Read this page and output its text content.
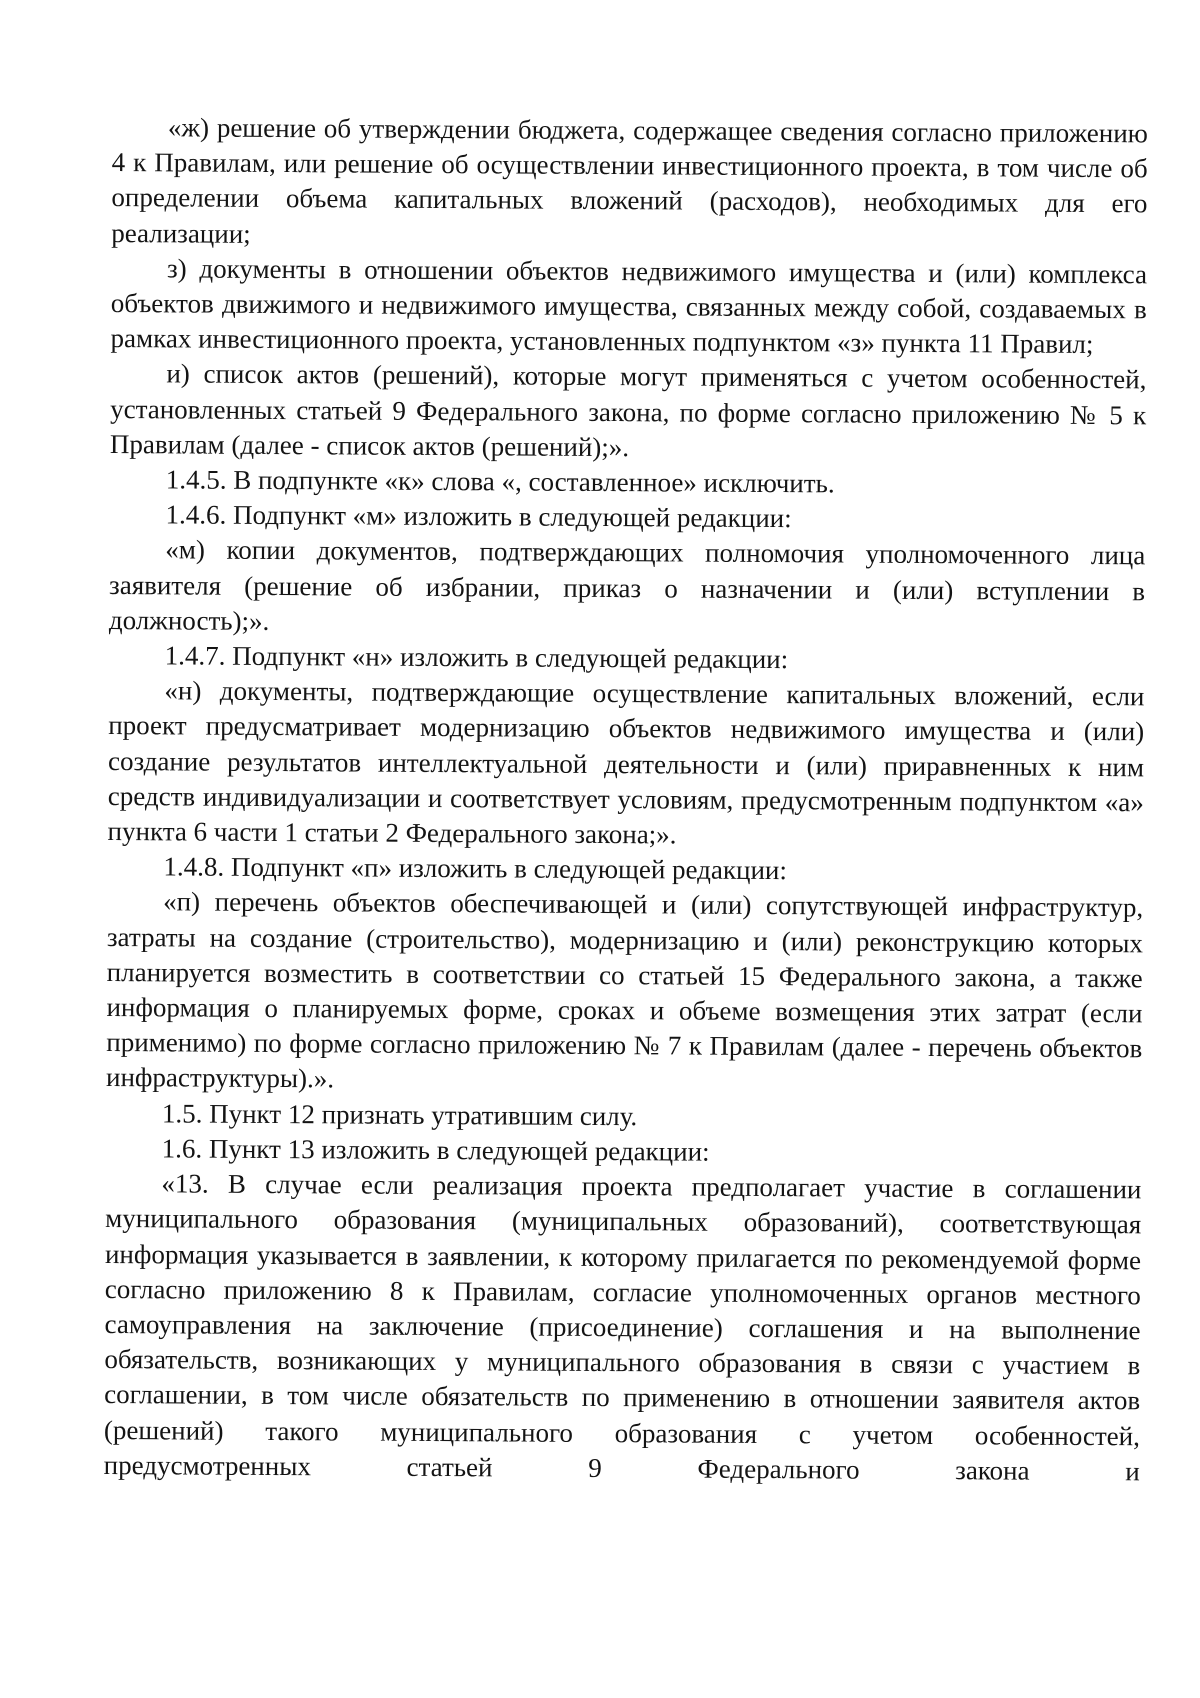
«ж) решение об утверждении бюджета, содержащее сведения согласно приложению 4 к Правилам, или решение об осуществлении инвестиционного проекта, в том числе об определении объема капитальных вложений (расходов), необходимых для его реализации;

з) документы в отношении объектов недвижимого имущества и (или) комплекса объектов движимого и недвижимого имущества, связанных между собой, создаваемых в рамках инвестиционного проекта, установленных подпунктом «з» пункта 11 Правил;

и) список актов (решений), которые могут применяться с учетом особенностей, установленных статьей 9 Федерального закона, по форме согласно приложению № 5 к Правилам (далее - список актов (решений);».

1.4.5. В подпункте «к» слова «, составленное» исключить.

1.4.6. Подпункт «м» изложить в следующей редакции:

«м) копии документов, подтверждающих полномочия уполномоченного лица заявителя (решение об избрании, приказ о назначении и (или) вступлении в должность);».

1.4.7. Подпункт «н» изложить в следующей редакции:

«н) документы, подтверждающие осуществление капитальных вложений, если проект предусматривает модернизацию объектов недвижимого имущества и (или) создание результатов интеллектуальной деятельности и (или) приравненных к ним средств индивидуализации и соответствует условиям, предусмотренным подпунктом «а» пункта 6 части 1 статьи 2 Федерального закона;».

1.4.8. Подпункт «п» изложить в следующей редакции:

«п) перечень объектов обеспечивающей и (или) сопутствующей инфраструктур, затраты на создание (строительство), модернизацию и (или) реконструкцию которых планируется возместить в соответствии со статьей 15 Федерального закона, а также информация о планируемых форме, сроках и объеме возмещения этих затрат (если применимо) по форме согласно приложению № 7 к Правилам (далее - перечень объектов инфраструктуры).».

1.5. Пункт 12 признать утратившим силу.

1.6. Пункт 13 изложить в следующей редакции:

«13. В случае если реализация проекта предполагает участие в соглашении муниципального образования (муниципальных образований), соответствующая информация указывается в заявлении, к которому прилагается по рекомендуемой форме согласно приложению 8 к Правилам, согласие уполномоченных органов местного самоуправления на заключение (присоединение) соглашения и на выполнение обязательств, возникающих у муниципального образования в связи с участием в соглашении, в том числе обязательств по применению в отношении заявителя актов (решений) такого муниципального образования с учетом особенностей, предусмотренных статьей 9 Федерального закона и
